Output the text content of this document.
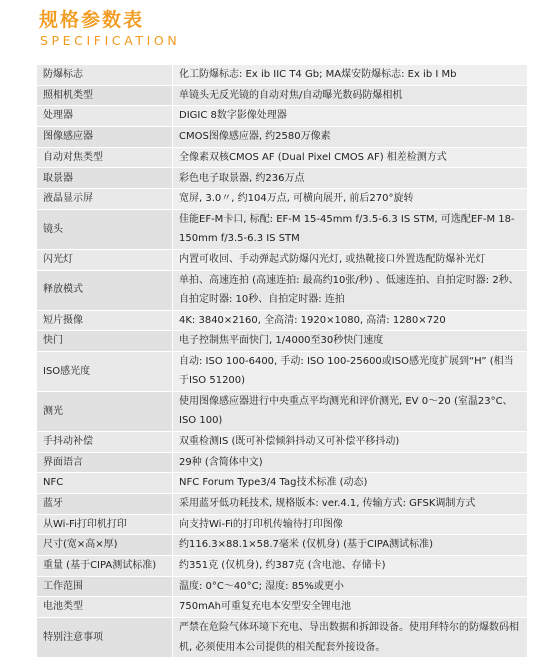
规格参数表
SPECIFICATION
防爆标志	化工防爆标志: Ex ib IIC T4 Gb; MA煤安防爆标志: Ex ib I Mb
照相机类型	单镜头无反光镜的自动对焦/自动曝光数码防爆相机
处理器	DIGIC 8数字影像处理器
图像感应器	CMOS图像感应器, 约2580万像素
自动对焦类型	全像素双核CMOS AF (Dual Pixel CMOS AF) 相差检测方式
取景器	彩色电子取景器, 约236万点
液晶显示屏	宽屏, 3.0〃, 约104万点, 可横向展开, 前后270°旋转
镜头	佳能EF-M卡口, 标配: EF-M 15-45mm f/3.5-6.3 IS STM, 可选配EF-M 18-150mm f/3.5-6.3 IS STM
闪光灯	内置可收回、手动弹起式防爆闪光灯, 或热靴接口外置选配防爆补光灯
释放模式	单拍、高速连拍 (高速连拍: 最高约10张/秒) 、低速连拍、自拍定时器: 2秒、自拍定时器: 10秒、自拍定时器: 连拍
短片摄像	4K: 3840×2160, 全高清: 1920×1080, 高清: 1280×720
快门	电子控制焦平面快门, 1/4000至30秒快门速度
ISO感光度	自动: ISO 100-6400, 手动: ISO 100-25600或ISO感光度扩展到“H” (相当于ISO 51200)
测光	使用图像感应器进行中央重点平均测光和评价测光, EV 0～20 (室温23°C、ISO 100)
手抖动补偿	双重检测IS (既可补偿倾斜抖动又可补偿平移抖动)
界面语言	29种 (含简体中文)
NFC	NFC Forum Type3/4 Tag技术标准 (动态)
蓝牙	采用蓝牙低功耗技术, 规格版本: ver.4.1, 传输方式: GFSK调制方式
从Wi-Fi打印机打印	向支持Wi-Fi的打印机传输待打印图像
尺寸(宽×高×厚)	约116.3×88.1×58.7毫米 (仅机身) (基于CIPA测试标准)
重量 (基于CIPA测试标准)	约351克 (仅机身), 约387克 (含电池、存储卡)
工作范围	温度: 0°C～40°C; 湿度: 85%或更小
电池类型	750mAh可重复充电本安型安全锂电池
特别注意事项	严禁在危险气体环境下充电、导出数据和拆卸设备。使用拜特尔的防爆数码相机, 必须使用本公司提供的相关配套外接设备。
